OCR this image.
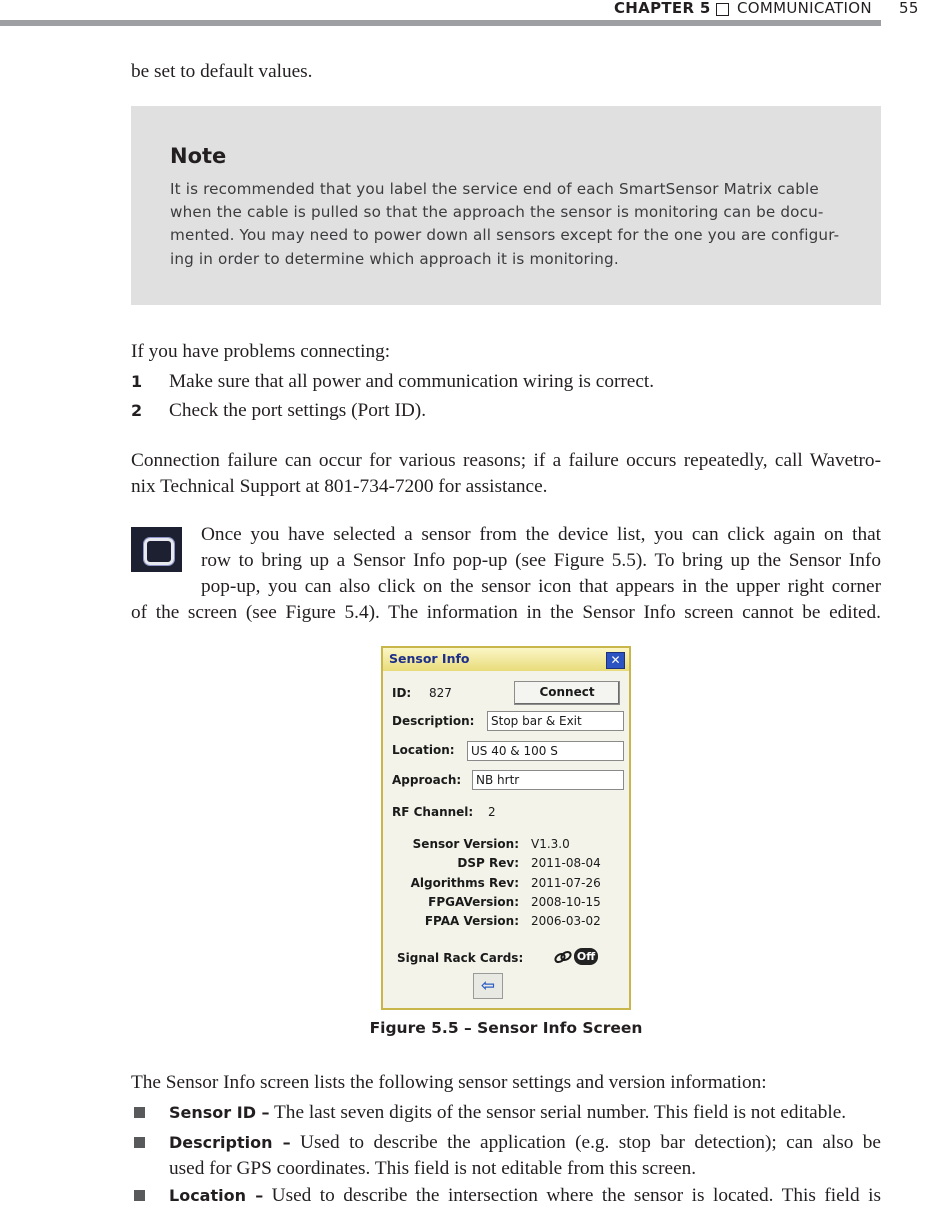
CHAPTER 5 COMMUNICATION 55
be set to default values.
Note
It is recommended that you label the service end of each SmartSensor Matrix cable
when the cable is pulled so that the approach the sensor is monitoring can be docu-
mented. You may need to power down all sensors except for the one you are configur-
ing in order to determine which approach it is monitoring.
If you have problems connecting:
1 Make sure that all power and communication wiring is correct.
2 Check the port settings (Port ID).
Connection failure can occur for various reasons; if a failure occurs repeatedly, call Wavetro-
nix Technical Support at 801-734-7200 for assistance.
Once you have selected a sensor from the device list, you can click again on that
row to bring up a Sensor Info pop-up (see Figure 5.5). To bring up the Sensor Info
pop-up, you can also click on the sensor icon that appears in the upper right corner
of the screen (see Figure 5.4). The information in the Sensor Info screen cannot be edited.
Sensor Info	✕
ID: 827	Connect
Description:	Stop bar & Exit
Location:	US 40 & 100 S
Approach:	NB hrtr
RF Channel: 2
Sensor Version: V1.3.0
DSP Rev: 2011-08-04
Algorithms Rev: 2011-07-26
FPGAVersion: 2008-10-15
FPAA Version: 2006-03-02
Signal Rack Cards:	Off
⇦
Figure 5.5 – Sensor Info Screen
The Sensor Info screen lists the following sensor settings and version information:
Sensor ID – The last seven digits of the sensor serial number. This field is not editable.
Description – Used to describe the application (e.g. stop bar detection); can also be
used for GPS coordinates. This field is not editable from this screen.
Location – Used to describe the intersection where the sensor is located. This field is
